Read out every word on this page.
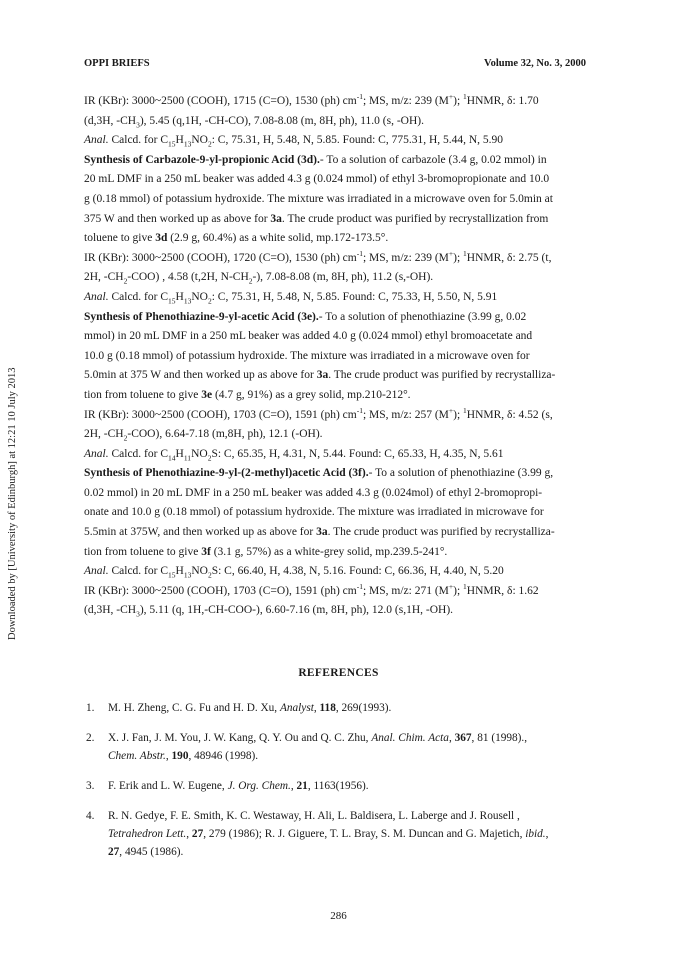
OPPI BRIEFS	Volume 32, No. 3, 2000
Downloaded by [University of Edinburgh] at 12:21 10 July 2013

IR (KBr): 3000~2500 (COOH), 1715 (C=O), 1530 (ph) $cm^{-1}$; MS, m/z: 239 (M+); $^1$HNMR, δ: 1.70

(d,3H, $-CH_3$), 5.45 (q,1H, -CH-CO), 7.08-8.08 (m, 8H, ph), 11.0 (s, -OH).

Anal. Calcd. for $C_{15}H_{13}NO_2$: C, 75.31, H, 5.48, N, 5.85. Found: C, 775.31, H, 5.44, N, 5.90

Synthesis of Carbazole-9-yl-propionic Acid (3d).- To a solution of carbazole (3.4 g, 0.02 mmol) in

20 mL DMF in a 250 mL beaker was added 4.3 g (0.024 mmol) of ethyl 3-bromopropionate and 10.0

g (0.18 mmol) of potassium hydroxide. The mixture was irradiated in a microwave oven for 5.0min at

375 W and then worked up as above for 3a. The crude product was purified by recrystallization from

toluene to give 3d (2.9 g, 60.4%) as a white solid, mp.172-173.5°.

IR (KBr): 3000~2500 (COOH), 1720 (C=O), 1530 (ph) $cm^{-1}$; MS, m/z: 239 (M+); $^1$HNMR, δ: 2.75 (t,

2H, $-CH_2-COO$) , 4.58 (t,2H, $N-CH_2-$), 7.08-8.08 (m, 8H, ph), 11.2 (s,-OH).

Anal. Calcd. for $C_{15}H_{13}NO_2$: C, 75.31, H, 5.48, N, 5.85. Found: C, 75.33, H, 5.50, N, 5.91

Synthesis of Phenothiazine-9-yl-acetic Acid (3e).- To a solution of phenothiazine (3.99 g, 0.02

mmol) in 20 mL DMF in a 250 mL beaker was added 4.0 g (0.024 mmol) ethyl bromoacetate and

10.0 g (0.18 mmol) of potassium hydroxide. The mixture was irradiated in a microwave oven for

5.0min at 375 W and then worked up as above for 3a. The crude product was purified by recrystalliza-

tion from toluene to give 3e (4.7 g, 91%) as a grey solid, mp.210-212°.

IR (KBr): 3000~2500 (COOH), 1703 (C=O), 1591 (ph) $cm^{-1}$; MS, m/z: 257 (M+); $^1$HNMR, δ: 4.52 (s,

2H, $-CH_2-COO$), 6.64-7.18 (m,8H, ph), 12.1 (-OH).

Anal. Calcd. for $C_{14}H_{11}NO_2S$: C, 65.35, H, 4.31, N, 5.44. Found: C, 65.33, H, 4.35, N, 5.61

Synthesis of Phenothiazine-9-yl-(2-methyl)acetic Acid (3f).- To a solution of phenothiazine (3.99 g,

0.02 mmol) in 20 mL DMF in a 250 mL beaker was added 4.3 g (0.024mol) of ethyl 2-bromopropi-

onate and 10.0 g (0.18 mmol) of potassium hydroxide. The mixture was irradiated in microwave for

5.5min at 375W, and then worked up as above for 3a. The crude product was purified by recrystalliza-

tion from toluene to give 3f (3.1 g, 57%) as a white-grey solid, mp.239.5-241°.

Anal. Calcd. for $C_{15}H_{13}NO_2S$: C, 66.40, H, 4.38, N, 5.16. Found: C, 66.36, H, 4.40, N, 5.20

IR (KBr): 3000~2500 (COOH), 1703 (C=O), 1591 (ph) $cm^{-1}$; MS, m/z: 271 (M+); $^1$HNMR, δ: 1.62

(d,3H, $-CH_3$), 5.11 (q, 1H,-CH-COO-), 6.60-7.16 (m, 8H, ph), 12.0 (s,1H, -OH).

REFERENCES
1.	M. H. Zheng, C. G. Fu and H. D. Xu, Analyst, 118, 269(1993).
2.	X. J. Fan, J. M. You, J. W. Kang, Q. Y. Ou and Q. C. Zhu, Anal. Chim. Acta, 367, 81 (1998).,
Chem. Abstr., 190, 48946 (1998).
3.	F. Erik and L. W. Eugene, J. Org. Chem., 21, 1163(1956).
4.	R. N. Gedye, F. E. Smith, K. C. Westaway, H. Ali, L. Baldisera, L. Laberge and J. Rousell ,
Tetrahedron Lett., 27, 279 (1986); R. J. Giguere, T. L. Bray, S. M. Duncan and G. Majetich, ibid.,
27, 4945 (1986).
286
